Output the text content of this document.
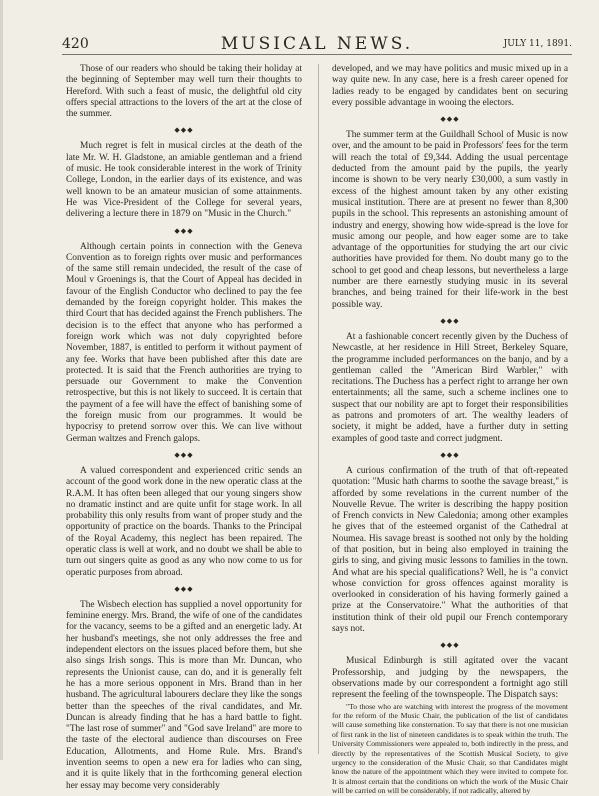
420	MUSICAL NEWS.	JULY 11, 1891.

Those of our readers who should be taking their holiday at the beginning of September may well turn their thoughts to Hereford. With such a feast of music, the delightful old city offers special attractions to the lovers of the art at the close of the summer.

◆◆◆

Much regret is felt in musical circles at the death of the late Mr. W. H. Gladstone, an amiable gentleman and a friend of music. He took considerable interest in the work of Trinity College, London, in the earlier days of its existence, and was well known to be an amateur musician of some attainments. He was Vice-President of the College for several years, delivering a lecture there in 1879 on "Music in the Church."

◆◆◆

Although certain points in connection with the Geneva Convention as to foreign rights over music and performances of the same still remain undecided, the result of the case of Moul v Groenings is, that the Court of Appeal has decided in favour of the English Conductor who declined to pay the fee demanded by the foreign copyright holder. This makes the third Court that has decided against the French publishers. The decision is to the effect that anyone who has performed a foreign work which was not duly copyrighted before November, 1887, is entitled to perform it without payment of any fee. Works that have been published after this date are protected. It is said that the French authorities are trying to persuade our Government to make the Convention retrospective, but this is not likely to succeed. It is certain that the payment of a fee will have the effect of banishing some of the foreign music from our programmes. It would be hypocrisy to pretend sorrow over this. We can live without German waltzes and French galops.

◆◆◆

A valued correspondent and experienced critic sends an account of the good work done in the new operatic class at the R.A.M. It has often been alleged that our young singers show no dramatic instinct and are quite unfit for stage work. In all probability this only results from want of proper study and the opportunity of practice on the boards. Thanks to the Principal of the Royal Academy, this neglect has been repaired. The operatic class is well at work, and no doubt we shall be able to turn out singers quite as good as any who now come to us for operatic purposes from abroad.

◆◆◆

The Wisbech election has supplied a novel opportunity for feminine energy. Mrs. Brand, the wife of one of the candidates for the vacancy, seems to be a gifted and an energetic lady. At her husband's meetings, she not only addresses the free and independent electors on the issues placed before them, but she also sings Irish songs. This is more than Mr. Duncan, who represents the Unionist cause, can do, and it is generally felt he has a more serious opponent in Mrs. Brand than in her husband. The agricultural labourers declare they like the songs better than the speeches of the rival candidates, and Mr. Duncan is already finding that he has a hard battle to fight. "The last rose of summer" and "God save Ireland" are more to the taste of the electoral audience than discourses on Free Education, Allotments, and Home Rule. Mrs. Brand's invention seems to open a new era for ladies who can sing, and it is quite likely that in the forthcoming general election her essay may become very considerably

developed, and we may have politics and music mixed up in a way quite new. In any case, here is a fresh career opened for ladies ready to be engaged by candidates bent on securing every possible advantage in wooing the electors.

◆◆◆

The summer term at the Guildhall School of Music is now over, and the amount to be paid in Professors' fees for the term will reach the total of £9,344. Adding the usual percentage deducted from the amount paid by the pupils, the yearly income is shown to be very nearly £30,000, a sum vastly in excess of the highest amount taken by any other existing musical institution. There are at present no fewer than 8,300 pupils in the school. This represents an astonishing amount of industry and energy, showing how wide-spread is the love for music among our people, and how eager some are to take advantage of the opportunities for studying the art our civic authorities have provided for them. No doubt many go to the school to get good and cheap lessons, but nevertheless a large number are there earnestly studying music in its several branches, and being trained for their life-work in the best possible way.

◆◆◆

At a fashionable concert recently given by the Duchess of Newcastle, at her residence in Hill Street, Berkeley Square, the programme included performances on the banjo, and by a gentleman called the "American Bird Warbler," with recitations. The Duchess has a perfect right to arrange her own entertainments; all the same, such a scheme inclines one to suspect that our nobility are apt to forget their responsibilities as patrons and promoters of art. The wealthy leaders of society, it might be added, have a further duty in setting examples of good taste and correct judgment.

◆◆◆

A curious confirmation of the truth of that oft-repeated quotation: "Music hath charms to soothe the savage breast," is afforded by some revelations in the current number of the Nouvelle Revue. The writer is describing the happy position of French convicts in New Caledonia; among other examples he gives that of the esteemed organist of the Cathedral at Noumea. His savage breast is soothed not only by the holding of that position, but in being also employed in training the girls to sing, and giving music lessons to families in the town. And what are his special qualifications? Well, he is "a convict whose conviction for gross offences against morality is overlooked in consideration of his having formerly gained a prize at the Conservatoire." What the authorities of that institution think of their old pupil our French contemporary says not.

◆◆◆

Musical Edinburgh is still agitated over the vacant Professorship, and judging by the newspapers, the observations made by our correspondent a fortnight ago still represent the feeling of the townspeople. The Dispatch says:

"To those who are watching with interest the progress of the movement for the reform of the Music Chair, the publication of the list of candidates will cause something like consternation. To say that there is not one musician of first rank in the list of nineteen candidates is to speak within the truth. The University Commissioners were appealed to, both indirectly in the press, and directly by the representatives of the Scottish Musical Society, to give urgency to the consideration of the Music Chair, so that Candidates might know the nature of the appointment which they were invited to compete for. It is almost certain that the conditions on which the work of the Music Chair will be carried on will be considerably, if not radically, altered by
